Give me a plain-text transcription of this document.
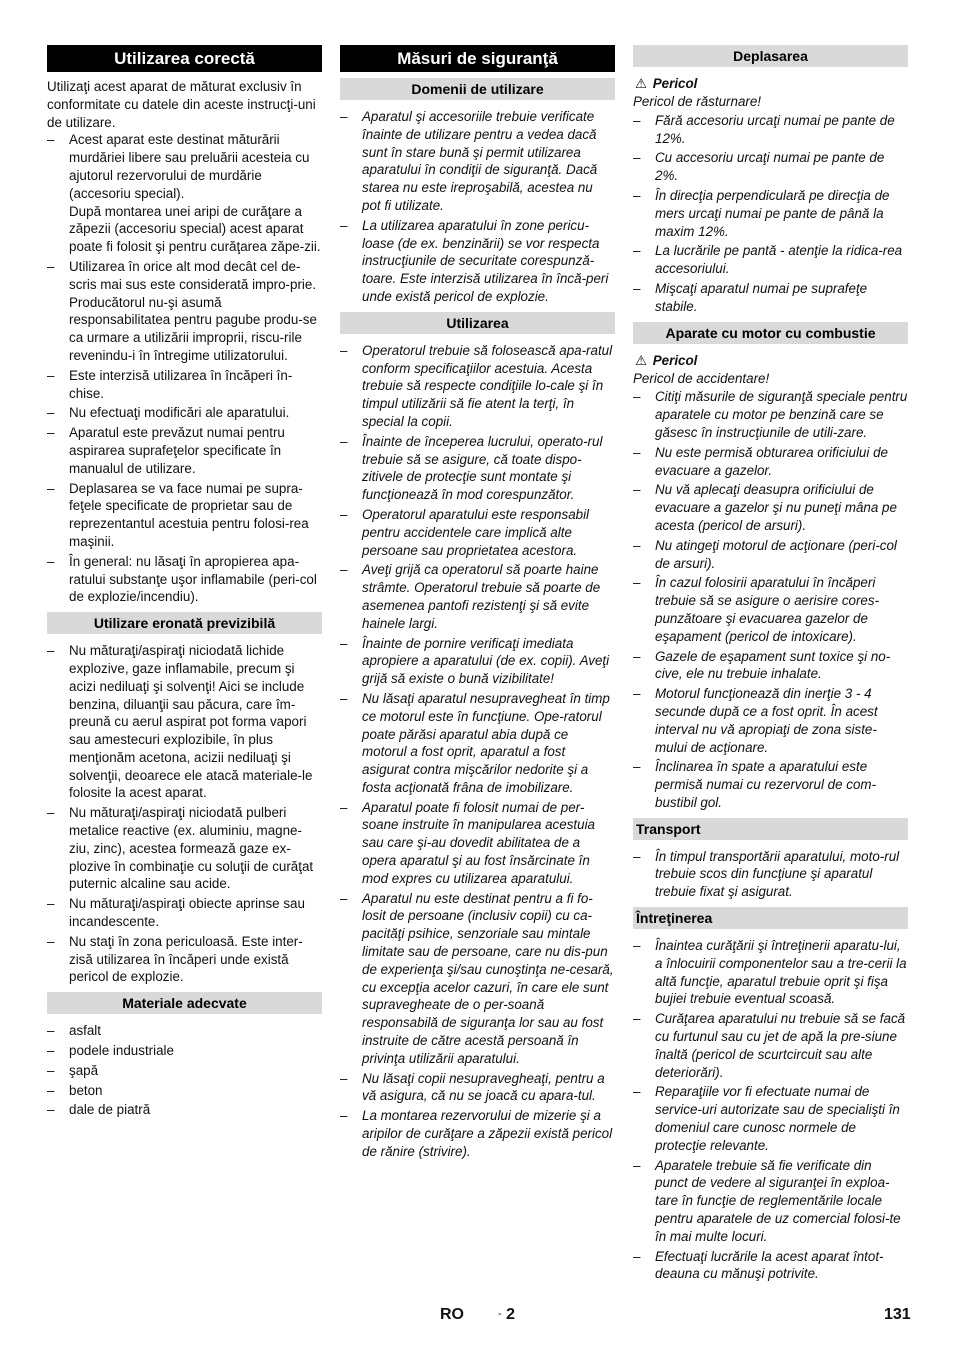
Utilizarea corectă

Utilizaţi acest aparat de măturat exclusiv în conformitate cu datele din aceste instrucţi-uni de utilizare.

– Acest aparat este destinat măturării murdăriei libere sau preluării acesteia cu ajutorul rezervorului de murdărie (accesoriu special).
După montarea unei aripi de curăţare a zăpezii (accesoriu special) acest aparat poate fi folosit şi pentru curăţarea zăpe-zii.
– Utilizarea în orice alt mod decât cel de-scris mai sus este considerată impro-prie. Producătorul nu-şi asumă responsabilitatea pentru pagube produ-se ca urmare a utilizării improprii, riscu-rile revenindu-i în întregime utilizatorului.
– Este interzisă utilizarea în încăperi în-chise.
– Nu efectuaţi modificări ale aparatului.
– Aparatul este prevăzut numai pentru aspirarea suprafeţelor specificate în manualul de utilizare.
– Deplasarea se va face numai pe supra-feţele specificate de proprietar sau de reprezentantul acestuia pentru folosi-rea maşinii.
– În general: nu lăsaţi în apropierea apa-ratului substanţe uşor inflamabile (peri-col de explozie/incendiu).
Utilizare eronată previzibilă
– Nu măturaţi/aspiraţi niciodată lichide explozive, gaze inflamabile, precum şi acizi nediluaţi şi solvenţi! Aici se include benzina, diluanţii sau păcura, care îm-preună cu aerul aspirat pot forma vapori sau amestecuri explozibile, în plus menţionăm acetona, acizii nediluaţi şi solvenţii, deoarece ele atacă materiale-le folosite la acest aparat.
– Nu măturaţi/aspiraţi niciodată pulberi metalice reactive (ex. aluminiu, magne-ziu, zinc), acestea formează gaze ex-plozive în combinaţie cu soluţii de curăţat puternic alcaline sau acide.
– Nu măturaţi/aspiraţi obiecte aprinse sau incandescente.
– Nu staţi în zona periculoasă. Este inter-zisă utilizarea în încăperi unde există pericol de explozie.
Materiale adecvate
– asfalt
– podele industriale
– şapă
– beton
– dale de piatră
Măsuri de siguranţă
Domenii de utilizare
– Aparatul şi accesoriile trebuie verificate înainte de utilizare pentru a vedea dacă sunt în stare bună şi permit utilizarea aparatului în condiţii de siguranţă. Dacă starea nu este ireproşabilă, acestea nu pot fi utilizate.
– La utilizarea aparatului în zone pericu-loase (de ex. benzinării) se vor respecta instrucţiunile de securitate corespunză-toare. Este interzisă utilizarea în încă-peri unde există pericol de explozie.
Utilizarea
– Operatorul trebuie să folosească apa-ratul conform specificaţiilor acestuia. Acesta trebuie să respecte condiţiile lo-cale şi în timpul utilizării să fie atent la terţi, în special la copii.
– Înainte de începerea lucrului, operato-rul trebuie să se asigure, că toate dispo-zitivele de protecţie sunt montate şi funcţionează în mod corespunzător.
– Operatorul aparatului este responsabil pentru accidentele care implică alte persoane sau proprietatea acestora.
– Aveţi grijă ca operatorul să poarte haine strâmte. Operatorul trebuie să poarte de asemenea pantofi rezistenţi şi să evite hainele largi.
– Înainte de pornire verificaţi imediata apropiere a aparatului (de ex. copii). Aveţi grijă să existe o bună vizibilitate!
– Nu lăsaţi aparatul nesupravegheat în timp ce motorul este în funcţiune. Ope-ratorul poate părăsi aparatul abia după ce motorul a fost oprit, aparatul a fost asigurat contra mişcărilor nedorite şi a fosta acţionată frâna de imobilizare.
– Aparatul poate fi folosit numai de per-soane instruite în manipularea acestuia sau care şi-au dovedit abilitatea de a opera aparatul şi au fost însărcinate în mod expres cu utilizarea aparatului.
– Aparatul nu este destinat pentru a fi fo-losit de persoane (inclusiv copii) cu ca-pacităţi psihice, senzoriale sau mintale limitate sau de persoane, care nu dis-pun de experienţa şi/sau cunoştinţa ne-cesară, cu excepţia acelor cazuri, în care ele sunt supravegheate de o per-soană responsabilă de siguranţa lor sau au fost instruite de către acestă persoană în privinţa utilizării aparatului.
– Nu lăsaţi copii nesupravegheaţi, pentru a vă asigura, că nu se joacă cu apara-tul.
– La montarea rezervorului de mizerie şi a aripilor de curăţare a zăpezii există pericol de rănire (strivire).
Deplasarea
⚠ Pericol
Pericol de răsturnare!
– Fără accesoriu urcaţi numai pe pante de 12%.
– Cu accesoriu urcaţi numai pe pante de 2%.
– În direcţia perpendiculară pe direcţia de mers urcaţi numai pe pante de până la maxim 12%.
– La lucrările pe pantă - atenţie la ridica-rea accesoriului.
– Mişcaţi aparatul numai pe suprafeţe stabile.
Aparate cu motor cu combustie
⚠ Pericol
Pericol de accidentare!
– Citiţi măsurile de siguranţă speciale pentru aparatele cu motor pe benzină care se găsesc în instrucţiunile de utili-zare.
– Nu este permisă obturarea orificiului de evacuare a gazelor.
– Nu vă aplecaţi deasupra orificiului de evacuare a gazelor şi nu puneţi mâna pe acesta (pericol de arsuri).
– Nu atingeţi motorul de acţionare (peri-col de arsuri).
– În cazul folosirii aparatului în încăperi trebuie să se asigure o aerisire cores-punzătoare şi evacuarea gazelor de eşapament (pericol de intoxicare).
– Gazele de eşapament sunt toxice şi no-cive, ele nu trebuie inhalate.
– Motorul funcţionează din inerţie 3 - 4 secunde după ce a fost oprit. În acest interval nu vă apropiaţi de zona siste-mului de acţionare.
– Înclinarea în spate a aparatului este permisă numai cu rezervorul de com-bustibil gol.
Transport
– În timpul transportării aparatului, moto-rul trebuie scos din funcţiune şi aparatul trebuie fixat şi asigurat.
Întreţinerea
– Înaintea curăţării şi întreţinerii aparatu-lui, a înlocuirii componentelor sau a tre-cerii la altă funcţie, aparatul trebuie oprit şi fişa bujiei trebuie eventual scoasă.
– Curăţarea aparatului nu trebuie să se facă cu furtunul sau cu jet de apă la pre-siune înaltă (pericol de scurtcircuit sau alte deteriorări).
– Reparaţiile vor fi efectuate numai de service-uri autorizate sau de specialişti în domeniul care cunosc normele de protecţie relevante.
– Aparatele trebuie să fie verificate din punct de vedere al siguranţei în exploa-tare în funcţie de reglementările locale pentru aparatele de uz comercial folosi-te în mai multe locuri.
– Efectuaţi lucrările la acest aparat întot-deauna cu mănuşi potrivite.
RO	- 2	131
